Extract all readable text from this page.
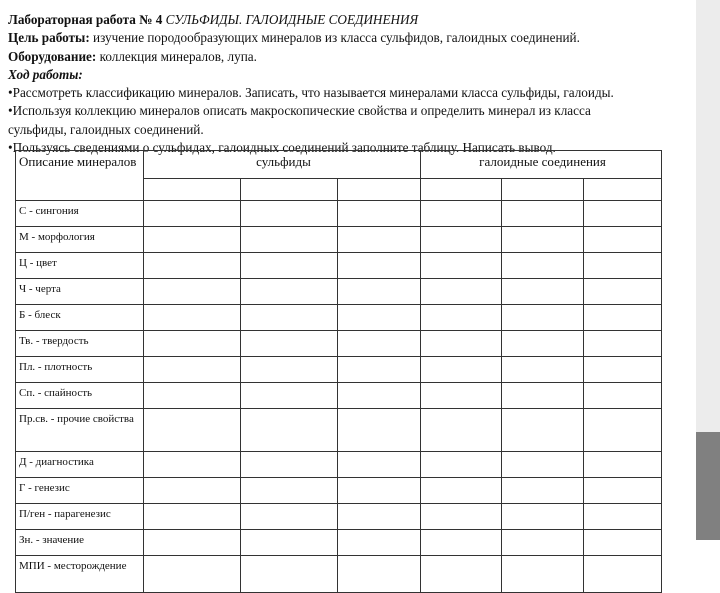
Лабораторная работа № 4 СУЛЬФИДЫ. ГАЛОИДНЫЕ СОЕДИНЕНИЯ
Цель работы: изучение породообразующих минералов из класса сульфидов, галоидных соединений.
Оборудование: коллекция минералов, лупа.
Ход работы:
•Рассмотреть классификацию минералов. Записать, что называется минералами класса сульфиды, галоиды.
•Используя коллекцию минералов описать макроскопические свойства и определить минерал из класса
сульфиды, галоидных соединений.
•Пользуясь сведениями о сульфидах, галоидных соединений заполните таблицу. Написать вывод.
Описание минералов	сульфиды			галоидные соединения		

С - сингония						
М - морфология						
Ц - цвет						
Ч - черта						
Б - блеск						
Тв. - твердость						
Пл. - плотность						
Сп. - спайность						
Пр.св. - прочие свойства						
Д - диагностика						
Г - генезис						
П/ген - парагенезис						
Зн. - значение						
МПИ - месторождение						
